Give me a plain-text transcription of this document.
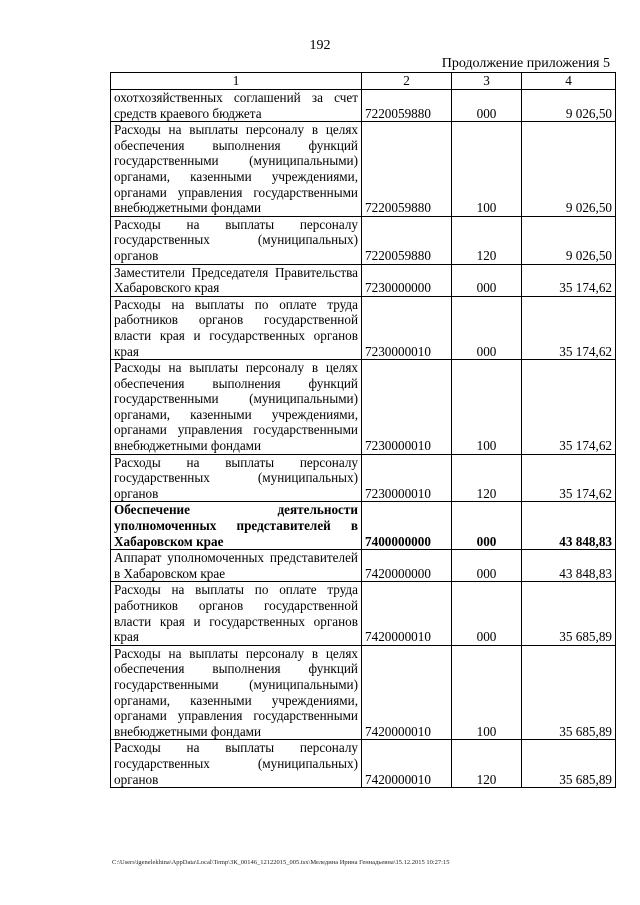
192
Продолжение приложения 5
1	2	3	4
охотхозяйственных соглашений за счет средств краевого бюджета	7220059880	000	9 026,50
Расходы на выплаты персоналу в целях обеспечения выполнения функций государственными (муниципальными) органами, казенными учреждениями, органами управления государственными внебюджетными фондами	7220059880	100	9 026,50
Расходы на выплаты персоналу государственных (муниципальных) органов	7220059880	120	9 026,50
Заместители Председателя Правительства Хабаровского края	7230000000	000	35 174,62
Расходы на выплаты по оплате труда работников органов государственной власти края и государственных органов края	7230000010	000	35 174,62
Расходы на выплаты персоналу в целях обеспечения выполнения функций государственными (муниципальными) органами, казенными учреждениями, органами управления государственными внебюджетными фондами	7230000010	100	35 174,62
Расходы на выплаты персоналу государственных (муниципальных) органов	7230000010	120	35 174,62
Обеспечение деятельности уполномоченных представителей в Хабаровском крае	7400000000	000	43 848,83
Аппарат уполномоченных представителей в Хабаровском крае	7420000000	000	43 848,83
Расходы на выплаты по оплате труда работников органов государственной власти края и государственных органов края	7420000010	000	35 685,89
Расходы на выплаты персоналу в целях обеспечения выполнения функций государственными (муниципальными) органами, казенными учреждениями, органами управления государственными внебюджетными фондами	7420000010	100	35 685,89
Расходы на выплаты персоналу государственных (муниципальных) органов	7420000010	120	35 685,89
C:\Users\igenelekhina\AppData\Local\Temp\ЗК_00146_12122015_005.tsx\Меледина Ирина Геннадьевна\15.12.2015 10:27:15
